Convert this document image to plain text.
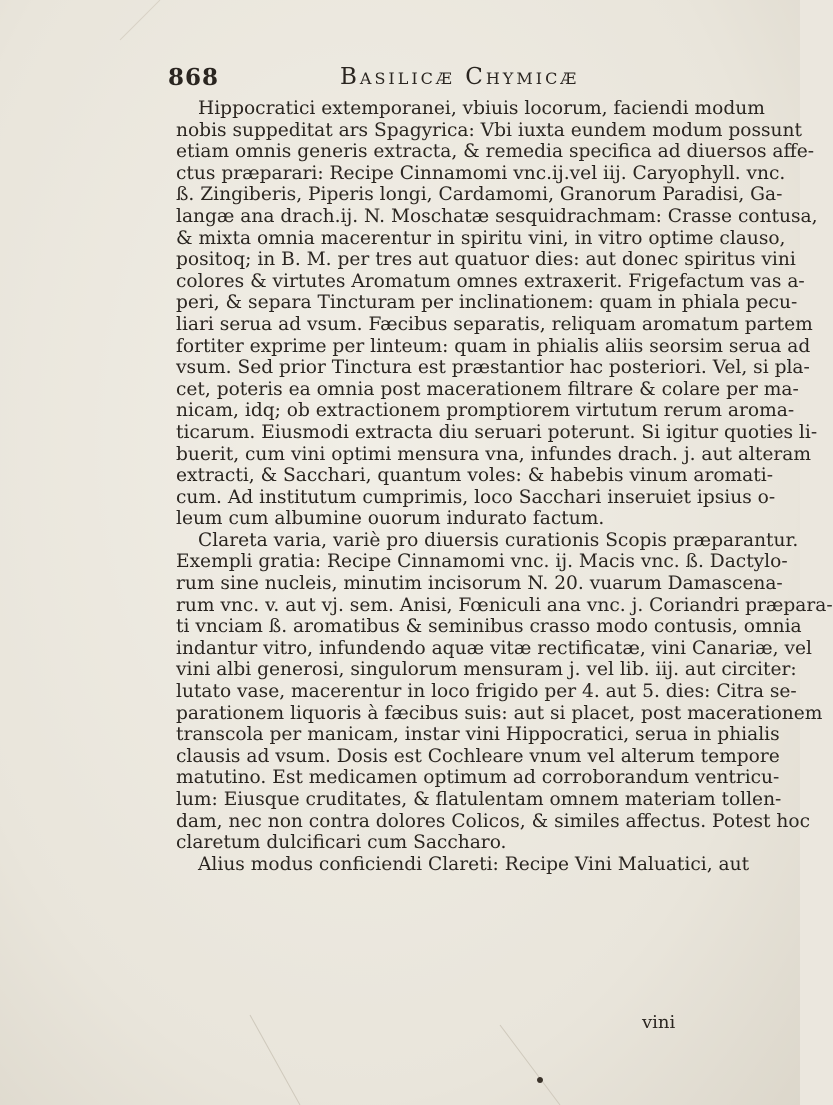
868	Basilicæ Chymicæ
Hippocratici extemporanei, vbiuis locorum, faciendi modum
nobis suppeditat ars Spagyrica: Vbi iuxta eundem modum possunt
etiam omnis generis extracta, & remedia specifica ad diuersos affe-
ctus præparari: Recipe Cinnamomi vnc.ij.vel iij. Caryophyll. vnc.
ß. Zingiberis, Piperis longi, Cardamomi, Granorum Paradisi, Ga-
langæ ana drach.ij. N. Moschatæ sesquidrachmam: Crasse contusa,
& mixta omnia macerentur in spiritu vini, in vitro optime clauso,
positoq; in B. M. per tres aut quatuor dies: aut donec spiritus vini
colores & virtutes Aromatum omnes extraxerit. Frigefactum vas a-
peri, & separa Tincturam per inclinationem: quam in phiala pecu-
liari serua ad vsum. Fæcibus separatis, reliquam aromatum partem
fortiter exprime per linteum: quam in phialis aliis seorsim serua ad
vsum. Sed prior Tinctura est præstantior hac posteriori. Vel, si pla-
cet, poteris ea omnia post macerationem filtrare & colare per ma-
nicam, idq; ob extractionem promptiorem virtutum rerum aroma-
ticarum. Eiusmodi extracta diu seruari poterunt. Si igitur quoties li-
buerit, cum vini optimi mensura vna, infundes drach. j. aut alteram
extracti, & Sacchari, quantum voles: & habebis vinum aromati-
cum. Ad institutum cumprimis, loco Sacchari inseruiet ipsius o-
leum cum albumine ouorum indurato factum.
Clareta varia, variè pro diuersis curationis Scopis præparantur.
Exempli gratia: Recipe Cinnamomi vnc. ij. Macis vnc. ß. Dactylo-
rum sine nucleis, minutim incisorum N. 20. vuarum Damascena-
rum vnc. v. aut vj. sem. Anisi, Fœniculi ana vnc. j. Coriandri præpara-
ti vnciam ß. aromatibus & seminibus crasso modo contusis, omnia
indantur vitro, infundendo aquæ vitæ rectificatæ, vini Canariæ, vel
vini albi generosi, singulorum mensuram j. vel lib. iij. aut circiter:
lutato vase, macerentur in loco frigido per 4. aut 5. dies: Citra se-
parationem liquoris à fæcibus suis: aut si placet, post macerationem
transcola per manicam, instar vini Hippocratici, serua in phialis
clausis ad vsum. Dosis est Cochleare vnum vel alterum tempore
matutino. Est medicamen optimum ad corroborandum ventricu-
lum: Eiusque cruditates, & flatulentam omnem materiam tollen-
dam, nec non contra dolores Colicos, & similes affectus. Potest hoc
claretum dulcificari cum Saccharo.
Alius modus conficiendi Clareti: Recipe Vini Maluatici, aut
vini
